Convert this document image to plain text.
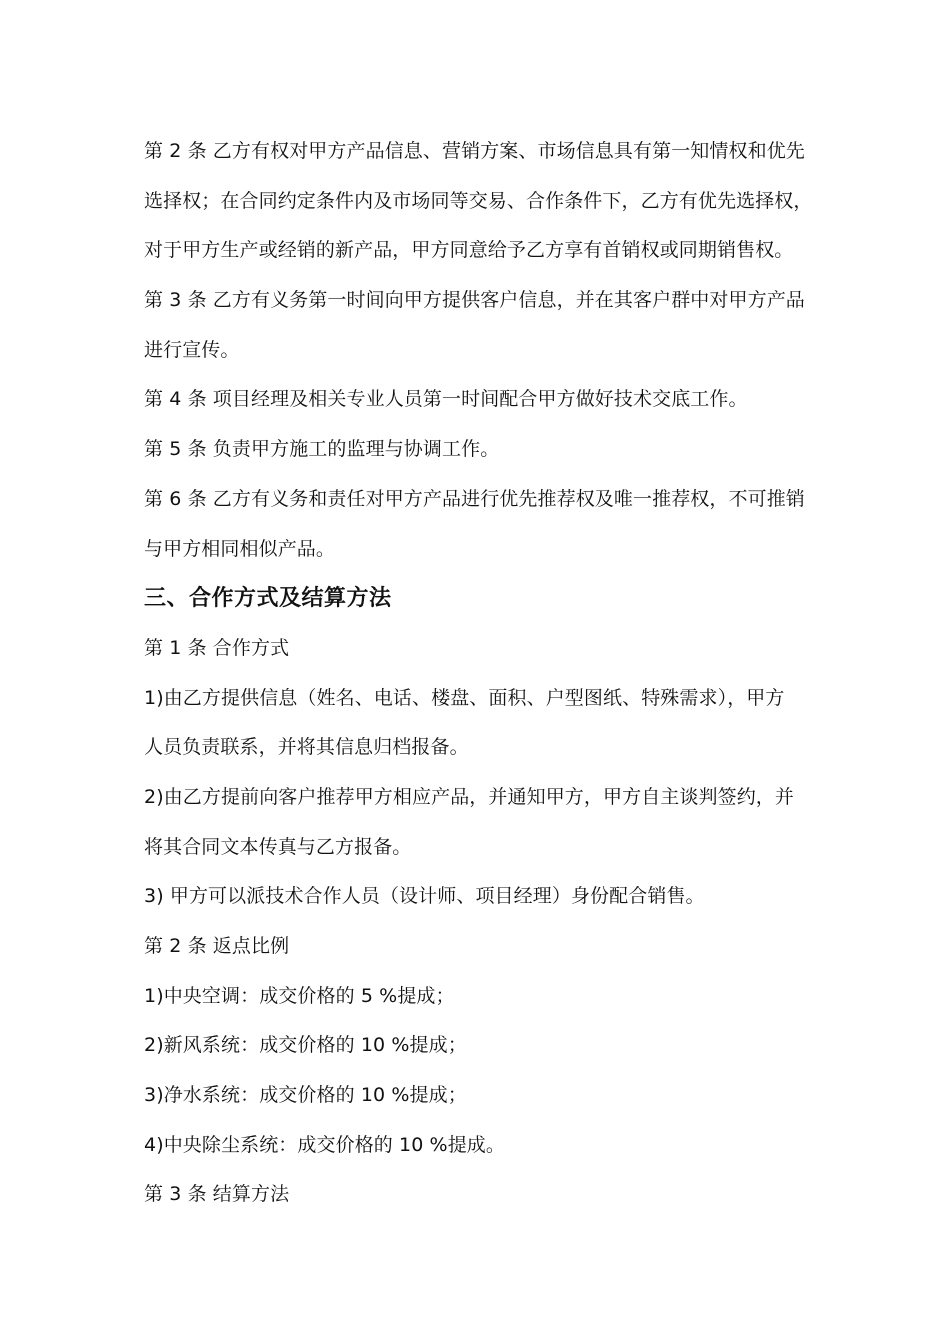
第 2 条 乙方有权对甲方产品信息、营销方案、市场信息具有第一知情权和优先
选择权；在合同约定条件内及市场同等交易、合作条件下，乙方有优先选择权，
对于甲方生产或经销的新产品，甲方同意给予乙方享有首销权或同期销售权。
第 3 条 乙方有义务第一时间向甲方提供客户信息，并在其客户群中对甲方产品
进行宣传。
第 4 条 项目经理及相关专业人员第一时间配合甲方做好技术交底工作。
第 5 条 负责甲方施工的监理与协调工作。
第 6 条 乙方有义务和责任对甲方产品进行优先推荐权及唯一推荐权，不可推销
与甲方相同相似产品。
三、合作方式及结算方法
第 1 条 合作方式
1)由乙方提供信息（姓名、电话、楼盘、面积、户型图纸、特殊需求），甲方
人员负责联系，并将其信息归档报备。
2)由乙方提前向客户推荐甲方相应产品，并通知甲方，甲方自主谈判签约，并
将其合同文本传真与乙方报备。
3) 甲方可以派技术合作人员（设计师、项目经理）身份配合销售。
第 2 条 返点比例
1)中央空调：成交价格的 5 %提成；
2)新风系统：成交价格的 10 %提成；
3)净水系统：成交价格的 10 %提成；
4)中央除尘系统：成交价格的 10 %提成。
第 3 条 结算方法
